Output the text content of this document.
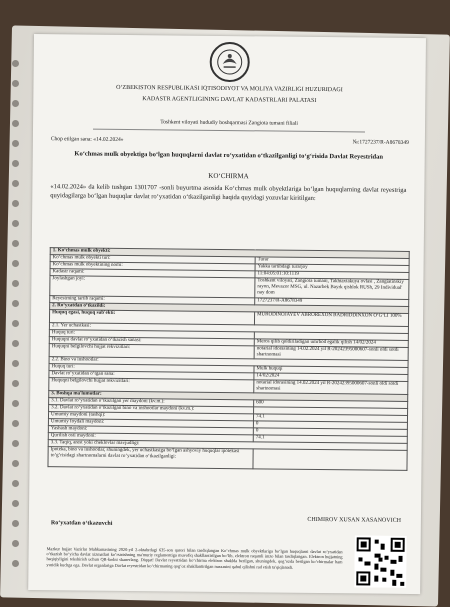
O‘ZBEKISTON RESPUBLIKASI IQTISODIYOT VA MOLIYA VAZIRLIGI HUZURIDAGI
KADASTR AGENTLIGINING DAVLAT KADASTRLARI PALATASI
Toshkent viloyati hududiy boshqarmasi Zangiota tumani filiali
Chop etilgan sana: «14.02.2024»	№:1727237/R-A8678349
Ko‘chmas mulk obyektiga bo‘lgan huquqlarni davlat ro‘yxatidan o‘tkazilganligi to‘g‘risida Davlat Reyestridan
KO‘CHIRMA
«14.02.2024» da kelib tushgan 1301707 -sonli buyurtma asosida Ko‘chmas mulk obyektlariga bo‘lgan huquqlarning davlat reyestriga quyidagilarga bo‘lgan huquqlar davlat ro‘yxatidan o‘tkazilganligi haqida quyidagi yozuvlar kiritilgan:
1. Ko‘chmas mulk obyekti:	
Ko‘chmas mulk obyekti turi:	Turar
Ko‘chmas mulk obyektining nomi:	Yakka tartibdagi turarjoy
Kadastr raqami:	11:04:05:01:10:1119
Joylashgan joyi:	Toshkent viloyati, Zangiota tumani, Takhtaxtakuya ovlasi , Zangiatinskiy rayon, Mevazor MSG, ul. Nazarbek Bayrk qishlok RUSh, 29 Individual' nay dom
Reyestrning tartib raqami:	1727237/R-A8678349
2. Ro‘yxatdan o‘tkazildi:	
Huquq egasi, huquq sub'ekti:	MURODINOJAYEV ABROREXON BADRIDDINXON O‘G‘LI 100%
2.1. Yer uchastkasi:	
Huquq turi:	
Huquqni davlat ro‘yxatidan o‘tkazish sanasi:	Meros qilib qoldiriladigan umrbod egalik qilish 14/02/2024
Huquqni belgilovchi hujjat rekvizitlari:	notarial idorasining 14.02.2024 yil R-20242395000607-sonli oldi sotdi shartnomasi
2.2. Bino va inshootlar:	
Huquq turi:	Mulk huquqi
Davlat ro‘yxatidan o‘tgan sana:	14/02/2024
Huquqni belgilovchi hujjat rekvizitlari:	notarial idorasining 14.02.2024 yil R-20242395000607-sonli oldi sotdi shartnomasi
3. Boshqa ma'lumotlar:	
3.1. Davlat ro‘yxatidan o‘tkazilgan yer maydoni (kv.m.):	600
3.2. Davlat ro‘yxatidan o‘tkazilgan bino va inshootlar maydoni (kv.m.):	
Umumiy maydoni (tashqi):	74.1
Umumiy foydali maydoni:	0
Yashash maydoni:	0
Qurilish osti maydoni:	74.1
3.3. Taqiq, arest yoki cheklovlar mavjudligi:	
Ipoteka, bino va inshootlar, shuningdek, yer uchastkasiga bo‘lgan ashyoviy huquqlar ipotekasi to‘g‘risidagi shartnomalarni davlat ro‘yxatidan o‘tkazilganligi:	
Ro‘yxatdan o‘tkazuvchi	CHIMIROV XUSAN XASANOVICH
Mazkur hujjat Vazirlar Mahkamasining 2020-yil 2-oktabrdagi 635-son qarori bilan tasdiqlangan Ko‘chmas mulk obyektlariga bo‘lgan huquqlarni davlat ro‘yxatidan o‘tkazish bo‘yicha davlat xizmatlari ko‘rsatishning ma'muriy reglamentiga muvofiq shakllantirilgan bo‘lib, elektron raqamli imzo bilan tasdiqlangan. Elektron hujjatning haqiqiyligini tekshirish uchun QR-kodni skanerlang. Diqqat! Davlat reyestridan ko‘chirma elektron shaklda berilgan, shuningdek, qog‘ozda berilgan ko‘chirmalar ham yuridik kuchga ega. Davlat organlariga Davlat reyestridan ko‘chirmaning qog‘oz shakllantirilgan nusxasini qabul qilishni rad etish ta'qiqlanadi.
